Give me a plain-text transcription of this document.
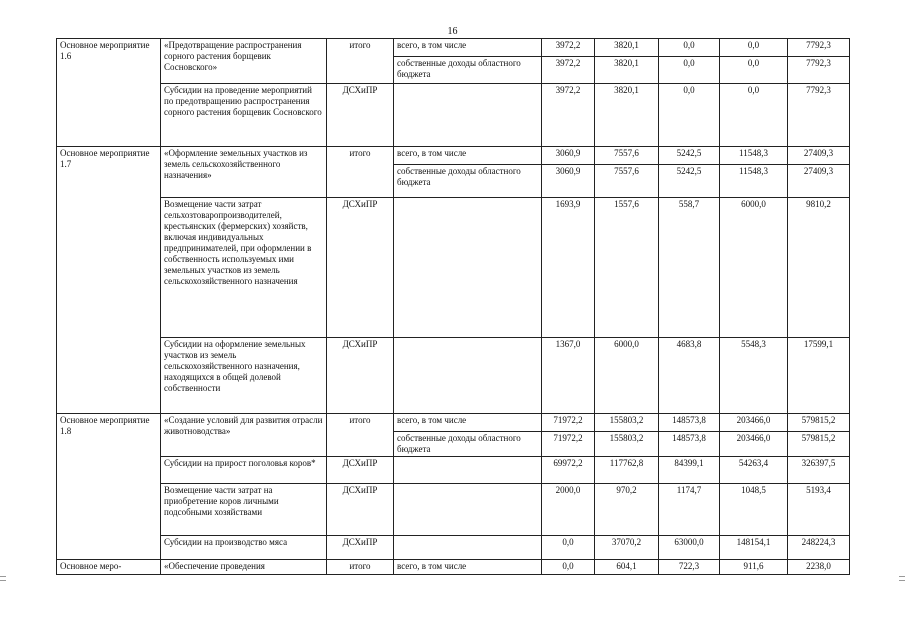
16
Основное мероприятие 1.6	«Предотвращение распространения сорного растения борщевик Сосновского»	итого	всего, в том числе	3972,2	3820,1	0,0	0,0	7792,3
			собственные доходы областного бюджета	3972,2	3820,1	0,0	0,0	7792,3
	Субсидии на проведение мероприятий по предотвращению распространения сорного растения борщевик Сосновского	ДСХиПР		3972,2	3820,1	0,0	0,0	7792,3
Основное мероприятие 1.7	«Оформление земельных участков из земель сельскохозяйственного назначения»	итого	всего, в том числе	3060,9	7557,6	5242,5	11548,3	27409,3
			собственные доходы областного бюджета	3060,9	7557,6	5242,5	11548,3	27409,3
	Возмещение части затрат сельхозтоваропроизводителей, крестьянских (фермерских) хозяйств, включая индивидуальных предпринимателей, при оформлении в собственность используемых ими земельных участков из земель сельскохозяйственного назначения	ДСХиПР		1693,9	1557,6	558,7	6000,0	9810,2
	Субсидии на оформление земельных участков из земель сельскохозяйственного назначения, находящихся в общей долевой собственности	ДСХиПР		1367,0	6000,0	4683,8	5548,3	17599,1
Основное мероприятие 1.8	«Создание условий для развития отрасли животноводства»	итого	всего, в том числе	71972,2	155803,2	148573,8	203466,0	579815,2
			собственные доходы областного бюджета	71972,2	155803,2	148573,8	203466,0	579815,2
	Субсидии на прирост поголовья коров*	ДСХиПР		69972,2	117762,8	84399,1	54263,4	326397,5
	Возмещение части затрат на приобретение коров личными подсобными хозяйствами	ДСХиПР		2000,0	970,2	1174,7	1048,5	5193,4
	Субсидии на производство мяса	ДСХиПР		0,0	37070,2	63000,0	148154,1	248224,3
Основное меро-	«Обеспечение проведения	итого	всего, в том числе	0,0	604,1	722,3	911,6	2238,0
